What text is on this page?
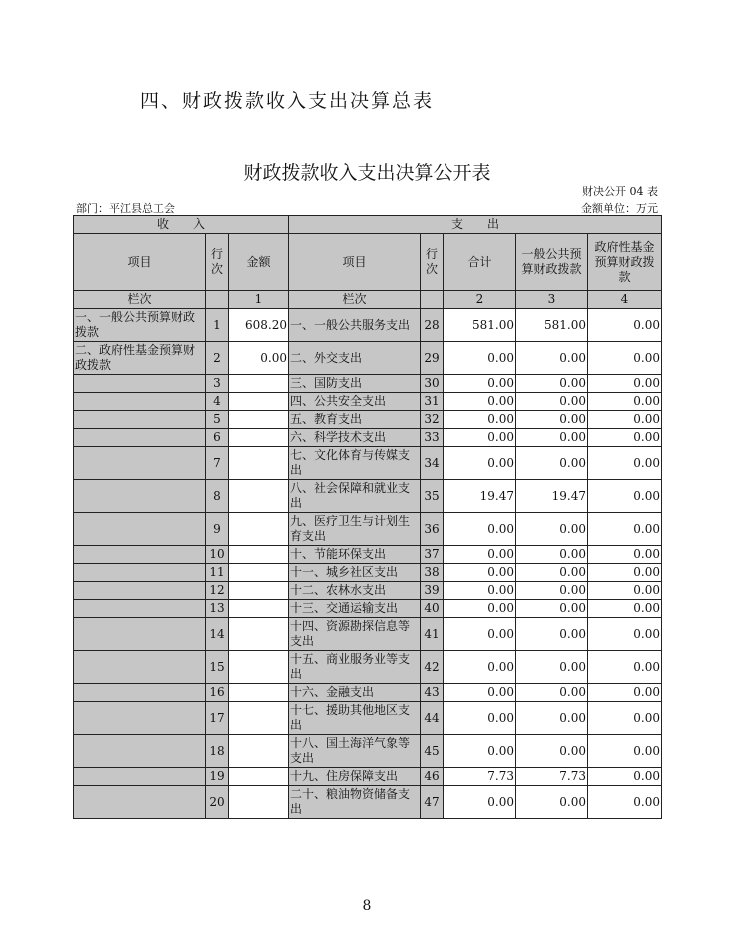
四、财政拨款收入支出决算总表
财政拨款收入支出决算公开表
财决公开 04 表
部门：平江县总工会	金额单位：万元
收　　入			支　　出				
项目	行次	金额	项目	行次	合计	一般公共预算财政拨款	政府性基金预算财政拨款
栏次		1	栏次		2	3	4
一、一般公共预算财政拨款	1	608.20	一、一般公共服务支出	28	581.00	581.00	0.00
二、政府性基金预算财政拨款	2	0.00	二、外交支出	29	0.00	0.00	0.00
	3		三、国防支出	30	0.00	0.00	0.00
	4		四、公共安全支出	31	0.00	0.00	0.00
	5		五、教育支出	32	0.00	0.00	0.00
	6		六、科学技术支出	33	0.00	0.00	0.00
	7		七、文化体育与传媒支出	34	0.00	0.00	0.00
	8		八、社会保障和就业支出	35	19.47	19.47	0.00
	9		九、医疗卫生与计划生育支出	36	0.00	0.00	0.00
	10		十、节能环保支出	37	0.00	0.00	0.00
	11		十一、城乡社区支出	38	0.00	0.00	0.00
	12		十二、农林水支出	39	0.00	0.00	0.00
	13		十三、交通运输支出	40	0.00	0.00	0.00
	14		十四、资源勘探信息等支出	41	0.00	0.00	0.00
	15		十五、商业服务业等支出	42	0.00	0.00	0.00
	16		十六、金融支出	43	0.00	0.00	0.00
	17		十七、援助其他地区支出	44	0.00	0.00	0.00
	18		十八、国土海洋气象等支出	45	0.00	0.00	0.00
	19		十九、住房保障支出	46	7.73	7.73	0.00
	20		二十、粮油物资储备支出	47	0.00	0.00	0.00
8
